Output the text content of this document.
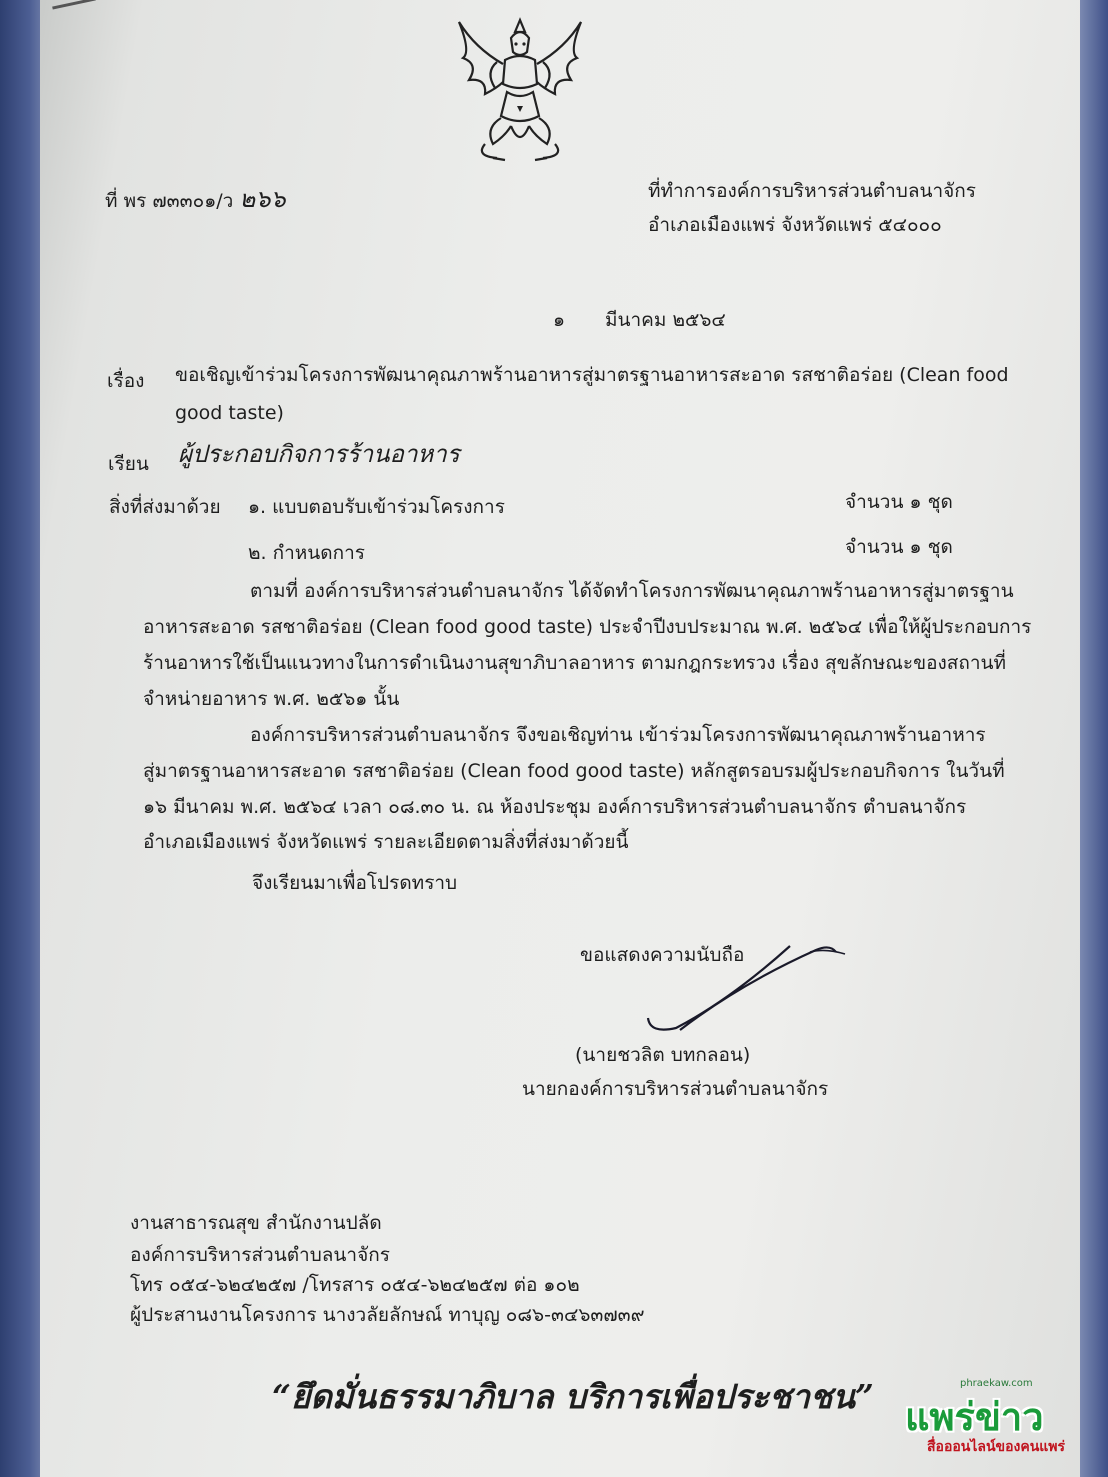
ที่ พร ๗๓๓๐๑/ว ๒๖๖	ที่ทำการองค์การบริหารส่วนตำบลนาจักร
อำเภอเมืองแพร่ จังหวัดแพร่ ๕๔๐๐๐
๑ มีนาคม ๒๕๖๔
เรื่อง ขอเชิญเข้าร่วมโครงการพัฒนาคุณภาพร้านอาหารสู่มาตรฐานอาหารสะอาด รสชาติอร่อย (Clean food
good taste)
เรียน ผู้ประกอบกิจการร้านอาหาร
สิ่งที่ส่งมาด้วย ๑. แบบตอบรับเข้าร่วมโครงการ	จำนวน ๑ ชุด
๒. กำหนดการ	จำนวน ๑ ชุด
ตามที่ องค์การบริหารส่วนตำบลนาจักร ได้จัดทำโครงการพัฒนาคุณภาพร้านอาหารสู่มาตรฐาน
อาหารสะอาด รสชาติอร่อย (Clean food good taste) ประจำปีงบประมาณ พ.ศ. ๒๕๖๔ เพื่อให้ผู้ประกอบการ
ร้านอาหารใช้เป็นแนวทางในการดำเนินงานสุขาภิบาลอาหาร ตามกฎกระทรวง เรื่อง สุขลักษณะของสถานที่
จำหน่ายอาหาร พ.ศ. ๒๕๖๑ นั้น
องค์การบริหารส่วนตำบลนาจักร จึงขอเชิญท่าน เข้าร่วมโครงการพัฒนาคุณภาพร้านอาหาร
สู่มาตรฐานอาหารสะอาด รสชาติอร่อย (Clean food good taste) หลักสูตรอบรมผู้ประกอบกิจการ ในวันที่
๑๖ มีนาคม พ.ศ. ๒๕๖๔ เวลา ๐๘.๓๐ น. ณ ห้องประชุม องค์การบริหารส่วนตำบลนาจักร ตำบลนาจักร
อำเภอเมืองแพร่ จังหวัดแพร่ รายละเอียดตามสิ่งที่ส่งมาด้วยนี้
จึงเรียนมาเพื่อโปรดทราบ
ขอแสดงความนับถือ
(นายชวลิต บทกลอน)
นายกองค์การบริหารส่วนตำบลนาจักร
งานสาธารณสุข สำนักงานปลัด
องค์การบริหารส่วนตำบลนาจักร
โทร ๐๕๔-๖๒๔๒๕๗ /โทรสาร ๐๕๔-๖๒๔๒๕๗ ต่อ ๑๐๒
ผู้ประสานงานโครงการ นางวลัยลักษณ์ ทาบุญ ๐๘๖-๓๔๖๓๗๓๙
“ยึดมั่นธรรมาภิบาล บริการเพื่อประชาชน”	phraekaw.com
แพร่ข่าว
สื่อออนไลน์ของคนแพร่
